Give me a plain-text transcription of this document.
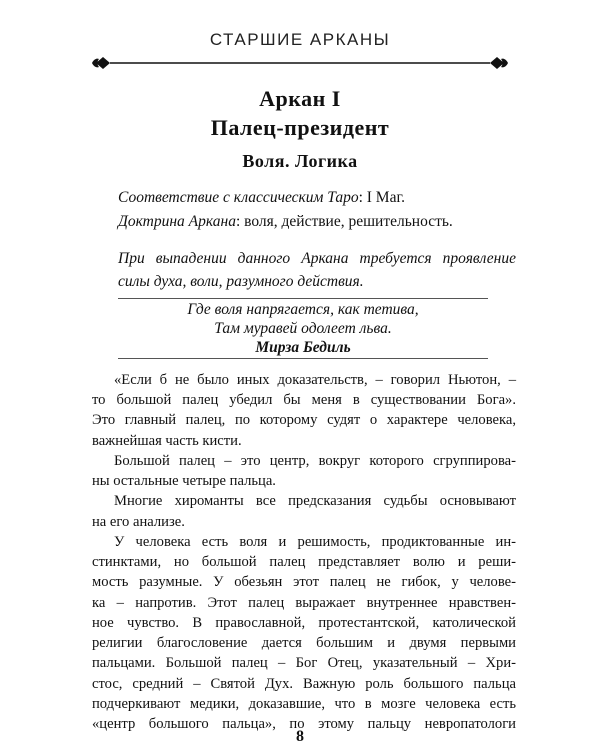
СТАРШИЕ АРКАНЫ
Аркан I
Палец-президент
Воля. Логика
Соответствие с классическим Таро: I Маг.
Доктрина Аркана: воля, действие, решительность.
При выпадении данного Аркана требуется проявление
силы духа, воли, разумного действия.
Где воля напрягается, как тетива,
Там муравей одолеет льва.
Мирза Бедиль
«Если б не было иных доказательств, – говорил Ньютон, –
то большой палец убедил бы меня в существовании Бога».
Это главный палец, по которому судят о характере человека,
важнейшая часть кисти.
Большой палец – это центр, вокруг которого сгруппирова-
ны остальные четыре пальца.
Многие хироманты все предсказания судьбы основывают
на его анализе.
У человека есть воля и решимость, продиктованные ин-
стинктами, но большой палец представляет волю и реши-
мость разумные. У обезьян этот палец не гибок, у челове-
ка – напротив. Этот палец выражает внутреннее нравствен-
ное чувство. В православной, протестантской, католической
религии благословение дается большим и двумя первыми
пальцами. Большой палец – Бог Отец, указательный – Хри-
стос, средний – Святой Дух. Важную роль большого пальца
подчеркивают медики, доказавшие, что в мозге человека есть
«центр большого пальца», по этому пальцу невропатологи
8
